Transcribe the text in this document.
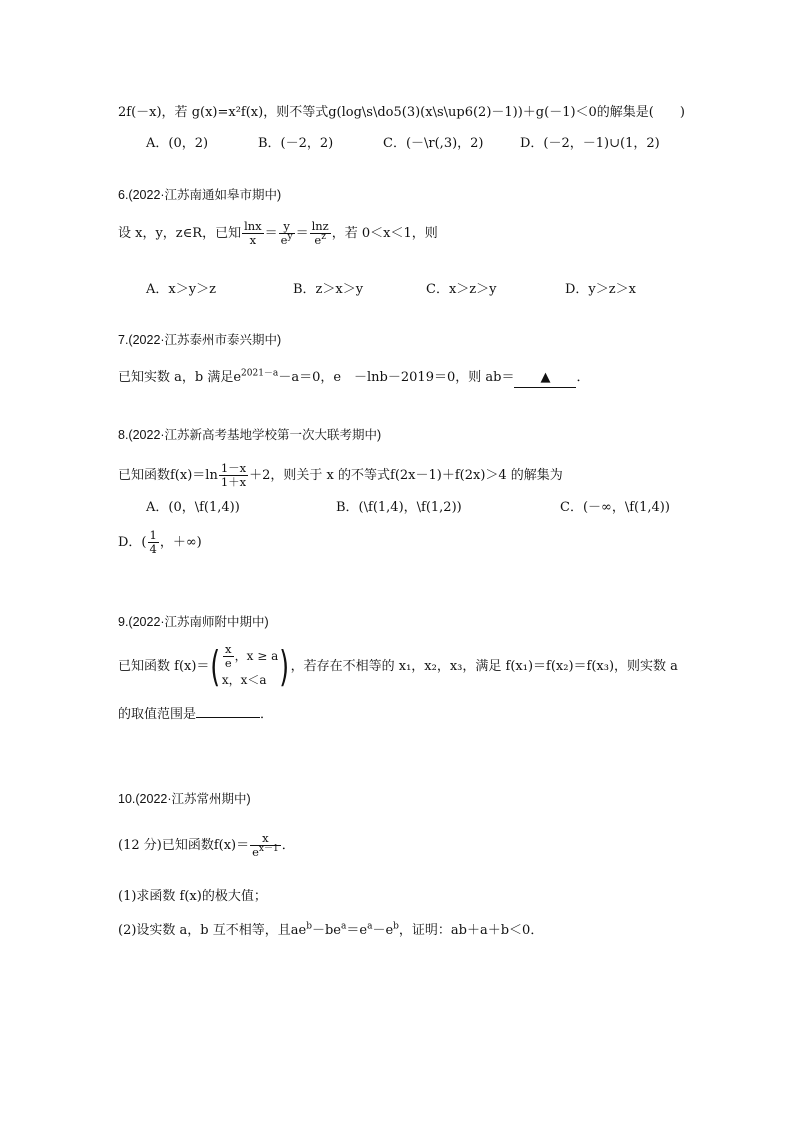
2f(－x)，若 g(x)=x²f(x)，则不等式g(log\s\do5(3)(x\s\up6(2)－1))＋g(－1)＜0的解集是(　　)
A．(0，2)	B．(－2，2)	C．(－\r(,3)，2)	D．(－2，－1)∪(1，2)
6.(2022·江苏南通如皋市期中)
设 x，y，z∈R，已知 $\frac{\ln x}{x} = \frac{y}{e^y} = \frac{\ln z}{e^z}$ ，若 0＜x＜1，则
A．x＞y＞z	B．z＞x＞y	C．x＞z＞y	D．y＞z＞x
7.(2022·江苏泰州市泰兴期中)
已知实数 a，b 满足$e^{2021-a}-a=0$，e　－lnb－2019＝0，则 ab＝ ▲ ．
8.(2022·江苏新高考基地学校第一次大联考期中)
已知函数$f(x)=\ln \frac{1-x}{1+x} +2$，则关于 x 的不等式f(2x－1)＋f(2x)＞4 的解集为
A．(0，\f(1,4))	B．(\f(1,4)，\f(1,2))	C．(－∞，\f(1,4))
D．( $\frac{1}{4}$ ，＋∞)
9.(2022·江苏南师附中期中)
已知函数 $f(x)=( \frac{x}{e}$ ，x ≥ a
x，x＜a )，若存在不相等的 x₁，x₂，x₃，满足 f(x₁)＝f(x₂)＝f(x₃)，则实数 a
的取值范围是	．
10.(2022·江苏常州期中)
(12 分)已知函数$f(x)= \frac{x}{e^{x-1}}$ ．
(1)求函数 f(x)的极大值；
(2)设实数 a，b 互不相等，且$ae^b-be^a=e^a-e^b$，证明：ab＋a＋b＜0．
